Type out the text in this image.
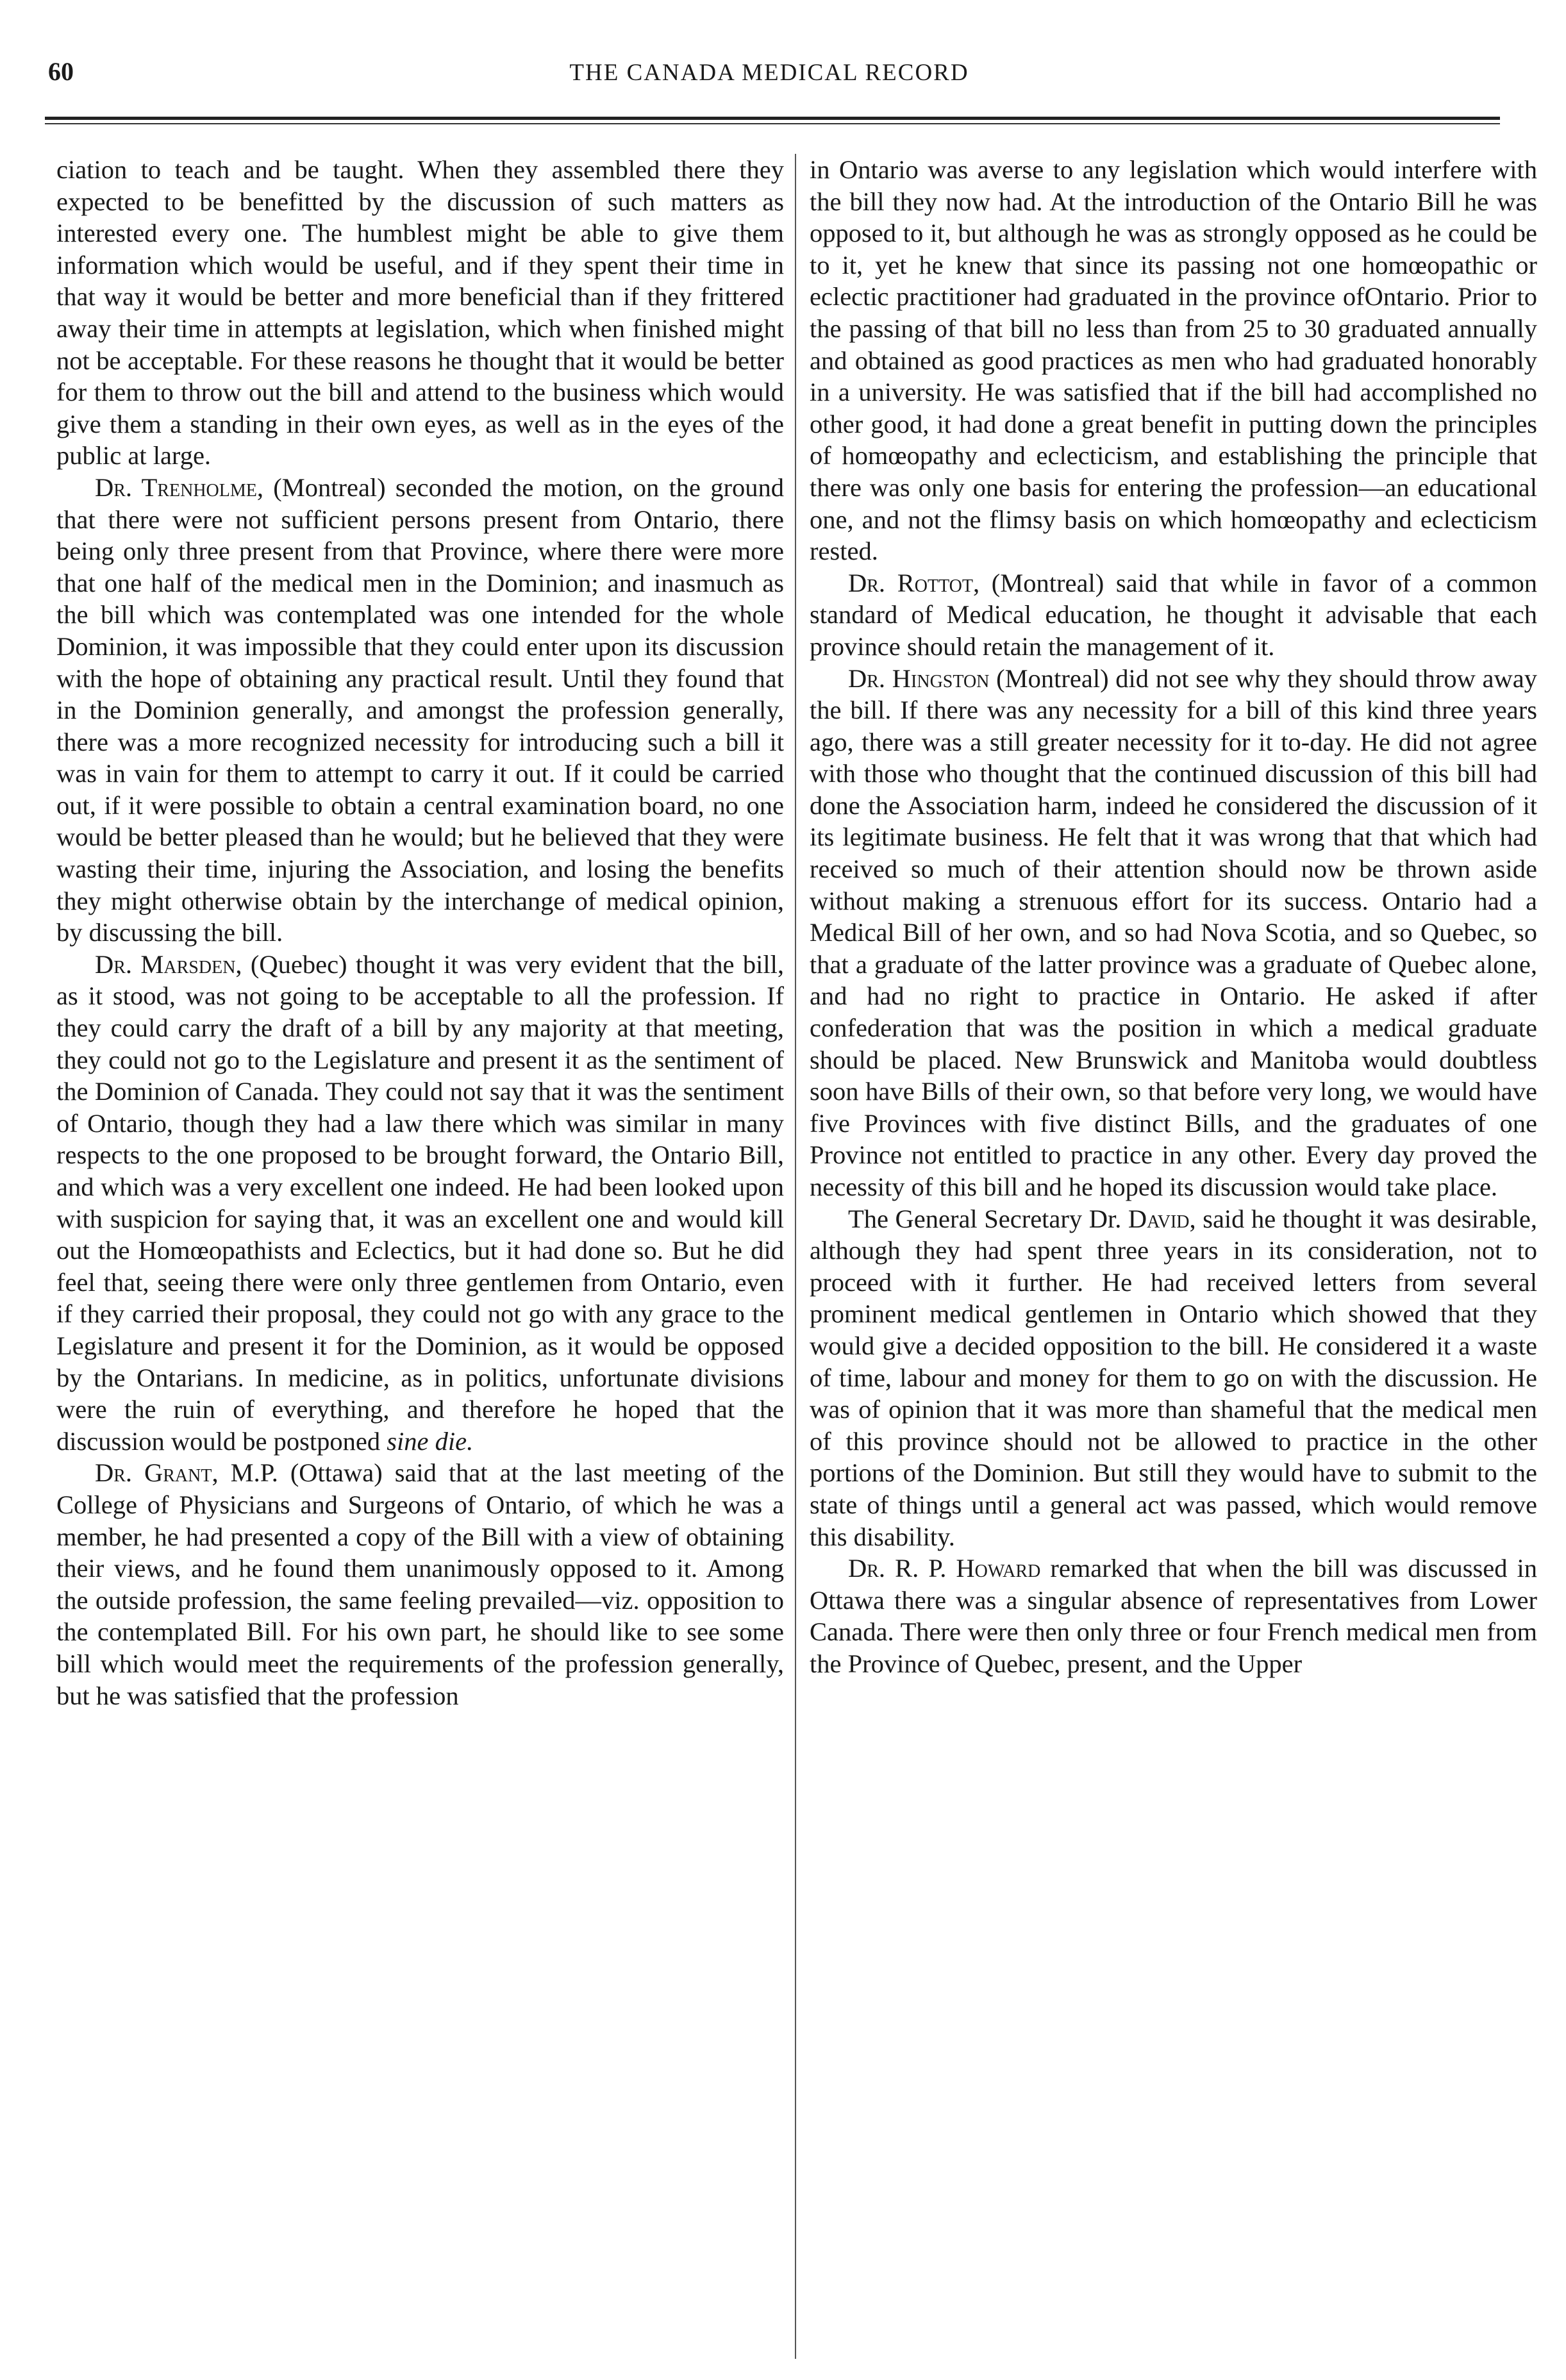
60	THE CANADA MEDICAL RECORD

ciation to teach and be taught. When they assembled there they expected to be benefitted by the discussion of such matters as interested every one. The humblest might be able to give them information which would be useful, and if they spent their time in that way it would be better and more beneficial than if they frittered away their time in attempts at legislation, which when finished might not be acceptable. For these reasons he thought that it would be better for them to throw out the bill and attend to the business which would give them a standing in their own eyes, as well as in the eyes of the public at large.

Dr. Trenholme, (Montreal) seconded the motion, on the ground that there were not sufficient persons present from Ontario, there being only three present from that Province, where there were more that one half of the medical men in the Dominion; and inasmuch as the bill which was contemplated was one intended for the whole Dominion, it was impossible that they could enter upon its discussion with the hope of obtaining any practical result. Until they found that in the Dominion generally, and amongst the profession generally, there was a more recognized necessity for introducing such a bill it was in vain for them to attempt to carry it out. If it could be carried out, if it were possible to obtain a central examination board, no one would be better pleased than he would; but he believed that they were wasting their time, injuring the Association, and losing the benefits they might otherwise obtain by the interchange of medical opinion, by discussing the bill.

Dr. Marsden, (Quebec) thought it was very evident that the bill, as it stood, was not going to be acceptable to all the profession. If they could carry the draft of a bill by any majority at that meeting, they could not go to the Legislature and present it as the sentiment of the Dominion of Canada. They could not say that it was the sentiment of Ontario, though they had a law there which was similar in many respects to the one proposed to be brought forward, the Ontario Bill, and which was a very excellent one indeed. He had been looked upon with suspicion for saying that, it was an excellent one and would kill out the Homœopathists and Eclectics, but it had done so. But he did feel that, seeing there were only three gentlemen from Ontario, even if they carried their proposal, they could not go with any grace to the Legislature and present it for the Dominion, as it would be opposed by the Ontarians. In medicine, as in politics, unfortunate divisions were the ruin of everything, and therefore he hoped that the discussion would be postponed sine die.

Dr. Grant, M.P. (Ottawa) said that at the last meeting of the College of Physicians and Surgeons of Ontario, of which he was a member, he had presented a copy of the Bill with a view of obtaining their views, and he found them unanimously opposed to it. Among the outside profession, the same feeling prevailed—viz. opposition to the contemplated Bill. For his own part, he should like to see some bill which would meet the requirements of the profession generally, but he was satisfied that the profession

in Ontario was averse to any legislation which would interfere with the bill they now had. At the introduction of the Ontario Bill he was opposed to it, but although he was as strongly opposed as he could be to it, yet he knew that since its passing not one homœopathic or eclectic practitioner had graduated in the province ofOntario. Prior to the passing of that bill no less than from 25 to 30 graduated annually and obtained as good practices as men who had graduated honorably in a university. He was satisfied that if the bill had accomplished no other good, it had done a great benefit in putting down the principles of homœopathy and eclecticism, and establishing the principle that there was only one basis for entering the profession—an educational one, and not the flimsy basis on which homœopathy and eclecticism rested.

Dr. Rottot, (Montreal) said that while in favor of a common standard of Medical education, he thought it advisable that each province should retain the management of it.

Dr. Hingston (Montreal) did not see why they should throw away the bill. If there was any necessity for a bill of this kind three years ago, there was a still greater necessity for it to-day. He did not agree with those who thought that the continued discussion of this bill had done the Association harm, indeed he considered the discussion of it its legitimate business. He felt that it was wrong that that which had received so much of their attention should now be thrown aside without making a strenuous effort for its success. Ontario had a Medical Bill of her own, and so had Nova Scotia, and so Quebec, so that a graduate of the latter province was a graduate of Quebec alone, and had no right to practice in Ontario. He asked if after confederation that was the position in which a medical graduate should be placed. New Brunswick and Manitoba would doubtless soon have Bills of their own, so that before very long, we would have five Provinces with five distinct Bills, and the graduates of one Province not entitled to practice in any other. Every day proved the necessity of this bill and he hoped its discussion would take place.

The General Secretary Dr. David, said he thought it was desirable, although they had spent three years in its consideration, not to proceed with it further. He had received letters from several prominent medical gentlemen in Ontario which showed that they would give a decided opposition to the bill. He considered it a waste of time, labour and money for them to go on with the discussion. He was of opinion that it was more than shameful that the medical men of this province should not be allowed to practice in the other portions of the Dominion. But still they would have to submit to the state of things until a general act was passed, which would remove this disability.

Dr. R. P. Howard remarked that when the bill was discussed in Ottawa there was a singular absence of representatives from Lower Canada. There were then only three or four French medical men from the Province of Quebec, present, and the Upper
